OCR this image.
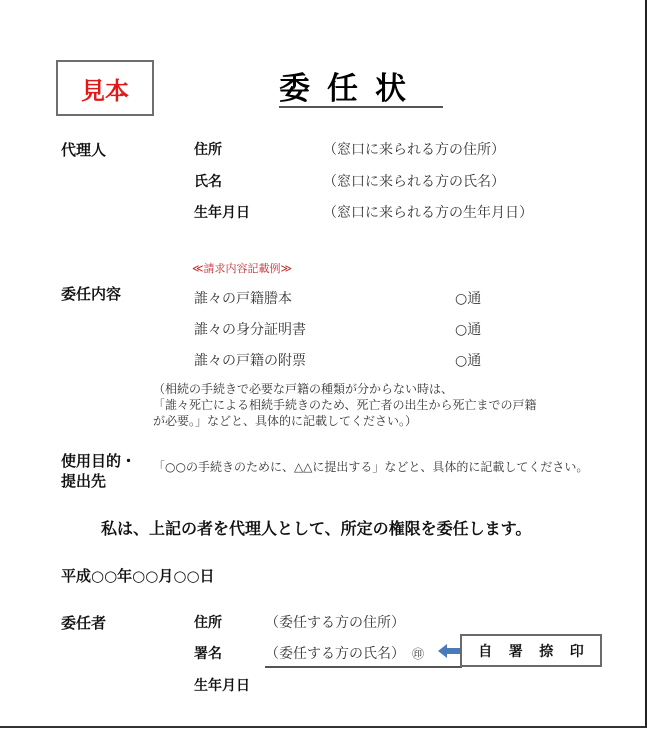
見本	委任状
代理人	住所	（窓口に来られる方の住所）
氏名	（窓口に来られる方の氏名）
生年月日	（窓口に来られる方の生年月日）
≪請求内容記載例≫
委任内容	誰々の戸籍謄本	○通
誰々の身分証明書	○通
誰々の戸籍の附票	○通
（相続の手続きで必要な戸籍の種類が分からない時は、
「誰々死亡による相続手続きのため、死亡者の出生から死亡までの戸籍
が必要。」などと、具体的に記載してください。）
使用目的・
提出先
「○○の手続きのために、△△に提出する」などと、具体的に記載してください。
私は、上記の者を代理人として、所定の権限を委任します。
平成○○年○○月○○日
委任者	住所	（委任する方の住所）
署名	（委任する方の氏名） ㊞	自 署 捺 印
生年月日
